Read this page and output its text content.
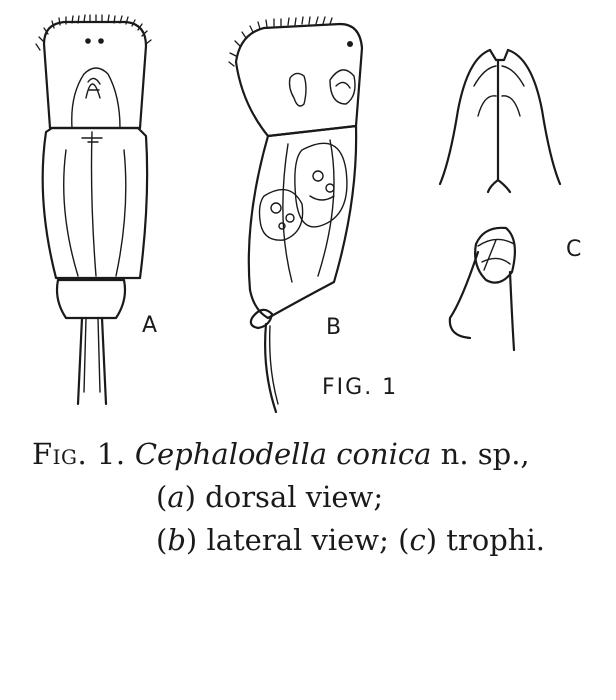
A	B
C
FIG. 1
Fig. 1. Cephalodella conica n. sp.,
(a) dorsal view;
(b) lateral view; (c) trophi.
